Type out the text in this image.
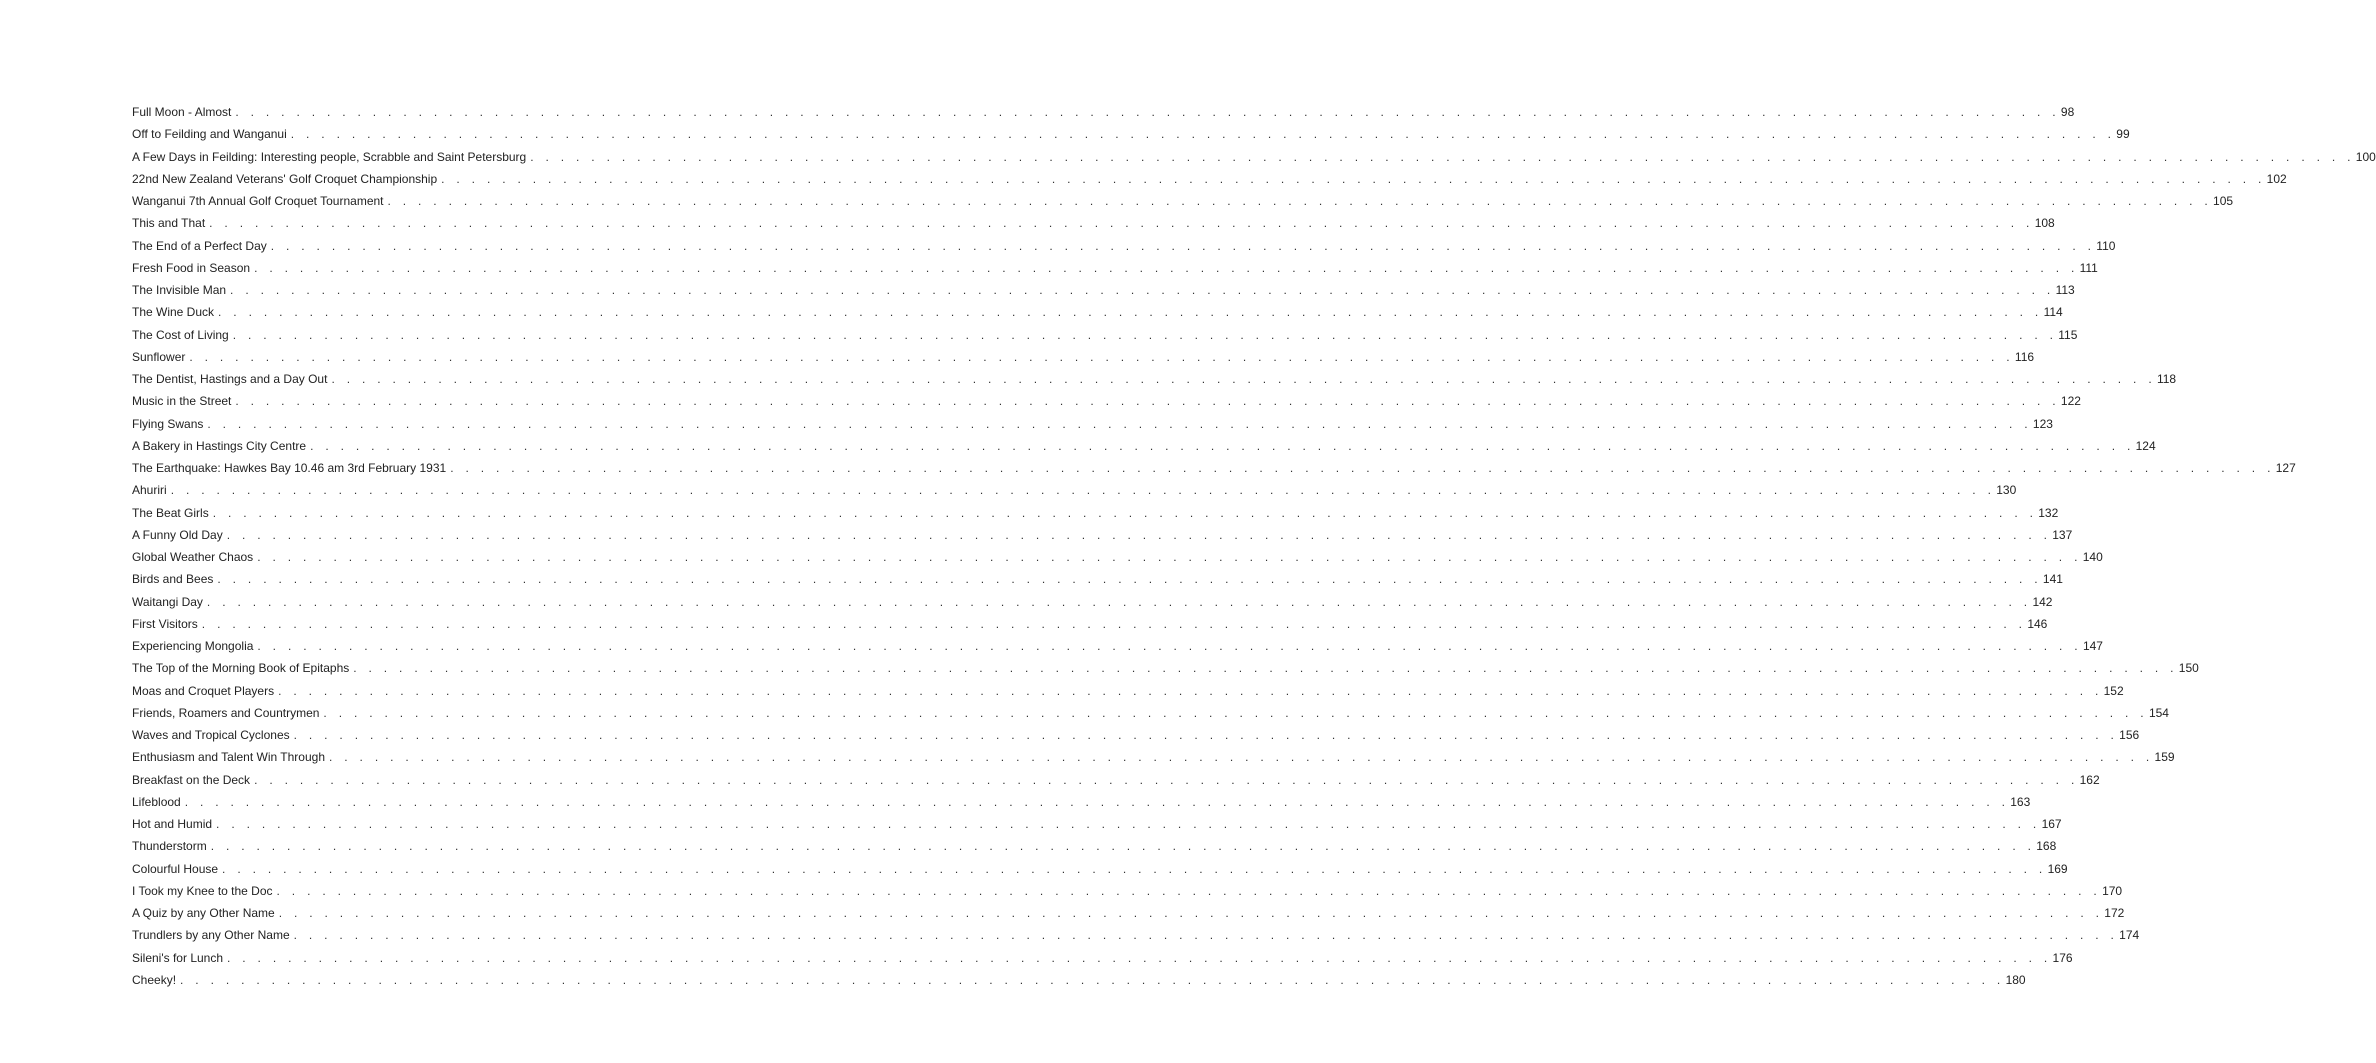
Full Moon - Almost . . . . . . . . . . . . . . . . . . . . . . . . . . . . . . . . . . . . . . . . . . . . . . . . . . . . . . . . . . . . . . . . . . . . . . . . . . . . . . . . . . . . . . . . . . . . . . . . . . . . . . . . . . . . . . . . . . . . . . . . 98
Off to Feilding and Wanganui . . . . . . . . . . . . . . . . . . . . . . . . . . . . . . . . . . . . . . . . . . . . . . . . . . . . . . . . . . . . . . . . . . . . . . . . . . . . . . . . . . . . . . . . . . . . . . . . . . . . . . . . . . . . . . . . . . . . . . . . 99
A Few Days in Feilding: Interesting people, Scrabble and Saint Petersburg . . . . . . . . . . . . . . . . . . . . . . . . . . . . . . . . . . . . . . . . . . . . . . . . . . . . . . . . . . . . . . . . . . . . . . . . . . . . . . . . . . . . . . . . . . . . . . . . . . . . . . . . . . . . . . . . . . . . . . . . 100
22nd New Zealand Veterans' Golf Croquet Championship . . . . . . . . . . . . . . . . . . . . . . . . . . . . . . . . . . . . . . . . . . . . . . . . . . . . . . . . . . . . . . . . . . . . . . . . . . . . . . . . . . . . . . . . . . . . . . . . . . . . . . . . . . . . . . . . . . . . . . . . 102
Wanganui 7th Annual Golf Croquet Tournament . . . . . . . . . . . . . . . . . . . . . . . . . . . . . . . . . . . . . . . . . . . . . . . . . . . . . . . . . . . . . . . . . . . . . . . . . . . . . . . . . . . . . . . . . . . . . . . . . . . . . . . . . . . . . . . . . . . . . . . . 105
This and That . . . . . . . . . . . . . . . . . . . . . . . . . . . . . . . . . . . . . . . . . . . . . . . . . . . . . . . . . . . . . . . . . . . . . . . . . . . . . . . . . . . . . . . . . . . . . . . . . . . . . . . . . . . . . . . . . . . . . . . . 108
The End of a Perfect Day . . . . . . . . . . . . . . . . . . . . . . . . . . . . . . . . . . . . . . . . . . . . . . . . . . . . . . . . . . . . . . . . . . . . . . . . . . . . . . . . . . . . . . . . . . . . . . . . . . . . . . . . . . . . . . . . . . . . . . . . 110
Fresh Food in Season . . . . . . . . . . . . . . . . . . . . . . . . . . . . . . . . . . . . . . . . . . . . . . . . . . . . . . . . . . . . . . . . . . . . . . . . . . . . . . . . . . . . . . . . . . . . . . . . . . . . . . . . . . . . . . . . . . . . . . . . 111
The Invisible Man . . . . . . . . . . . . . . . . . . . . . . . . . . . . . . . . . . . . . . . . . . . . . . . . . . . . . . . . . . . . . . . . . . . . . . . . . . . . . . . . . . . . . . . . . . . . . . . . . . . . . . . . . . . . . . . . . . . . . . . . 113
The Wine Duck . . . . . . . . . . . . . . . . . . . . . . . . . . . . . . . . . . . . . . . . . . . . . . . . . . . . . . . . . . . . . . . . . . . . . . . . . . . . . . . . . . . . . . . . . . . . . . . . . . . . . . . . . . . . . . . . . . . . . . . . 114
The Cost of Living . . . . . . . . . . . . . . . . . . . . . . . . . . . . . . . . . . . . . . . . . . . . . . . . . . . . . . . . . . . . . . . . . . . . . . . . . . . . . . . . . . . . . . . . . . . . . . . . . . . . . . . . . . . . . . . . . . . . . . . . 115
Sunflower . . . . . . . . . . . . . . . . . . . . . . . . . . . . . . . . . . . . . . . . . . . . . . . . . . . . . . . . . . . . . . . . . . . . . . . . . . . . . . . . . . . . . . . . . . . . . . . . . . . . . . . . . . . . . . . . . . . . . . . . 116
The Dentist, Hastings and a Day Out . . . . . . . . . . . . . . . . . . . . . . . . . . . . . . . . . . . . . . . . . . . . . . . . . . . . . . . . . . . . . . . . . . . . . . . . . . . . . . . . . . . . . . . . . . . . . . . . . . . . . . . . . . . . . . . . . . . . . . . . 118
Music in the Street . . . . . . . . . . . . . . . . . . . . . . . . . . . . . . . . . . . . . . . . . . . . . . . . . . . . . . . . . . . . . . . . . . . . . . . . . . . . . . . . . . . . . . . . . . . . . . . . . . . . . . . . . . . . . . . . . . . . . . . . 122
Flying Swans . . . . . . . . . . . . . . . . . . . . . . . . . . . . . . . . . . . . . . . . . . . . . . . . . . . . . . . . . . . . . . . . . . . . . . . . . . . . . . . . . . . . . . . . . . . . . . . . . . . . . . . . . . . . . . . . . . . . . . . . 123
A Bakery in Hastings City Centre . . . . . . . . . . . . . . . . . . . . . . . . . . . . . . . . . . . . . . . . . . . . . . . . . . . . . . . . . . . . . . . . . . . . . . . . . . . . . . . . . . . . . . . . . . . . . . . . . . . . . . . . . . . . . . . . . . . . . . . . 124
The Earthquake: Hawkes Bay 10.46 am 3rd February 1931 . . . . . . . . . . . . . . . . . . . . . . . . . . . . . . . . . . . . . . . . . . . . . . . . . . . . . . . . . . . . . . . . . . . . . . . . . . . . . . . . . . . . . . . . . . . . . . . . . . . . . . . . . . . . . . . . . . . . . . . . 127
Ahuriri . . . . . . . . . . . . . . . . . . . . . . . . . . . . . . . . . . . . . . . . . . . . . . . . . . . . . . . . . . . . . . . . . . . . . . . . . . . . . . . . . . . . . . . . . . . . . . . . . . . . . . . . . . . . . . . . . . . . . . . . 130
The Beat Girls . . . . . . . . . . . . . . . . . . . . . . . . . . . . . . . . . . . . . . . . . . . . . . . . . . . . . . . . . . . . . . . . . . . . . . . . . . . . . . . . . . . . . . . . . . . . . . . . . . . . . . . . . . . . . . . . . . . . . . . . 132
A Funny Old Day . . . . . . . . . . . . . . . . . . . . . . . . . . . . . . . . . . . . . . . . . . . . . . . . . . . . . . . . . . . . . . . . . . . . . . . . . . . . . . . . . . . . . . . . . . . . . . . . . . . . . . . . . . . . . . . . . . . . . . . . 137
Global Weather Chaos . . . . . . . . . . . . . . . . . . . . . . . . . . . . . . . . . . . . . . . . . . . . . . . . . . . . . . . . . . . . . . . . . . . . . . . . . . . . . . . . . . . . . . . . . . . . . . . . . . . . . . . . . . . . . . . . . . . . . . . . 140
Birds and Bees . . . . . . . . . . . . . . . . . . . . . . . . . . . . . . . . . . . . . . . . . . . . . . . . . . . . . . . . . . . . . . . . . . . . . . . . . . . . . . . . . . . . . . . . . . . . . . . . . . . . . . . . . . . . . . . . . . . . . . . . 141
Waitangi Day . . . . . . . . . . . . . . . . . . . . . . . . . . . . . . . . . . . . . . . . . . . . . . . . . . . . . . . . . . . . . . . . . . . . . . . . . . . . . . . . . . . . . . . . . . . . . . . . . . . . . . . . . . . . . . . . . . . . . . . . 142
First Visitors . . . . . . . . . . . . . . . . . . . . . . . . . . . . . . . . . . . . . . . . . . . . . . . . . . . . . . . . . . . . . . . . . . . . . . . . . . . . . . . . . . . . . . . . . . . . . . . . . . . . . . . . . . . . . . . . . . . . . . . . 146
Experiencing Mongolia . . . . . . . . . . . . . . . . . . . . . . . . . . . . . . . . . . . . . . . . . . . . . . . . . . . . . . . . . . . . . . . . . . . . . . . . . . . . . . . . . . . . . . . . . . . . . . . . . . . . . . . . . . . . . . . . . . . . . . . . 147
The Top of the Morning Book of Epitaphs . . . . . . . . . . . . . . . . . . . . . . . . . . . . . . . . . . . . . . . . . . . . . . . . . . . . . . . . . . . . . . . . . . . . . . . . . . . . . . . . . . . . . . . . . . . . . . . . . . . . . . . . . . . . . . . . . . . . . . . . 150
Moas and Croquet Players . . . . . . . . . . . . . . . . . . . . . . . . . . . . . . . . . . . . . . . . . . . . . . . . . . . . . . . . . . . . . . . . . . . . . . . . . . . . . . . . . . . . . . . . . . . . . . . . . . . . . . . . . . . . . . . . . . . . . . . . 152
Friends, Roamers and Countrymen . . . . . . . . . . . . . . . . . . . . . . . . . . . . . . . . . . . . . . . . . . . . . . . . . . . . . . . . . . . . . . . . . . . . . . . . . . . . . . . . . . . . . . . . . . . . . . . . . . . . . . . . . . . . . . . . . . . . . . . . 154
Waves and Tropical Cyclones . . . . . . . . . . . . . . . . . . . . . . . . . . . . . . . . . . . . . . . . . . . . . . . . . . . . . . . . . . . . . . . . . . . . . . . . . . . . . . . . . . . . . . . . . . . . . . . . . . . . . . . . . . . . . . . . . . . . . . . . 156
Enthusiasm and Talent Win Through . . . . . . . . . . . . . . . . . . . . . . . . . . . . . . . . . . . . . . . . . . . . . . . . . . . . . . . . . . . . . . . . . . . . . . . . . . . . . . . . . . . . . . . . . . . . . . . . . . . . . . . . . . . . . . . . . . . . . . . . 159
Breakfast on the Deck . . . . . . . . . . . . . . . . . . . . . . . . . . . . . . . . . . . . . . . . . . . . . . . . . . . . . . . . . . . . . . . . . . . . . . . . . . . . . . . . . . . . . . . . . . . . . . . . . . . . . . . . . . . . . . . . . . . . . . . . 162
Lifeblood . . . . . . . . . . . . . . . . . . . . . . . . . . . . . . . . . . . . . . . . . . . . . . . . . . . . . . . . . . . . . . . . . . . . . . . . . . . . . . . . . . . . . . . . . . . . . . . . . . . . . . . . . . . . . . . . . . . . . . . . 163
Hot and Humid . . . . . . . . . . . . . . . . . . . . . . . . . . . . . . . . . . . . . . . . . . . . . . . . . . . . . . . . . . . . . . . . . . . . . . . . . . . . . . . . . . . . . . . . . . . . . . . . . . . . . . . . . . . . . . . . . . . . . . . . 167
Thunderstorm . . . . . . . . . . . . . . . . . . . . . . . . . . . . . . . . . . . . . . . . . . . . . . . . . . . . . . . . . . . . . . . . . . . . . . . . . . . . . . . . . . . . . . . . . . . . . . . . . . . . . . . . . . . . . . . . . . . . . . . . 168
Colourful House . . . . . . . . . . . . . . . . . . . . . . . . . . . . . . . . . . . . . . . . . . . . . . . . . . . . . . . . . . . . . . . . . . . . . . . . . . . . . . . . . . . . . . . . . . . . . . . . . . . . . . . . . . . . . . . . . . . . . . . . 169
I Took my Knee to the Doc . . . . . . . . . . . . . . . . . . . . . . . . . . . . . . . . . . . . . . . . . . . . . . . . . . . . . . . . . . . . . . . . . . . . . . . . . . . . . . . . . . . . . . . . . . . . . . . . . . . . . . . . . . . . . . . . . . . . . . . . 170
A Quiz by any Other Name . . . . . . . . . . . . . . . . . . . . . . . . . . . . . . . . . . . . . . . . . . . . . . . . . . . . . . . . . . . . . . . . . . . . . . . . . . . . . . . . . . . . . . . . . . . . . . . . . . . . . . . . . . . . . . . . . . . . . . . . 172
Trundlers by any Other Name . . . . . . . . . . . . . . . . . . . . . . . . . . . . . . . . . . . . . . . . . . . . . . . . . . . . . . . . . . . . . . . . . . . . . . . . . . . . . . . . . . . . . . . . . . . . . . . . . . . . . . . . . . . . . . . . . . . . . . . . 174
Sileni's for Lunch . . . . . . . . . . . . . . . . . . . . . . . . . . . . . . . . . . . . . . . . . . . . . . . . . . . . . . . . . . . . . . . . . . . . . . . . . . . . . . . . . . . . . . . . . . . . . . . . . . . . . . . . . . . . . . . . . . . . . . . . 176
Cheeky! . . . . . . . . . . . . . . . . . . . . . . . . . . . . . . . . . . . . . . . . . . . . . . . . . . . . . . . . . . . . . . . . . . . . . . . . . . . . . . . . . . . . . . . . . . . . . . . . . . . . . . . . . . . . . . . . . . . . . . . . 180
